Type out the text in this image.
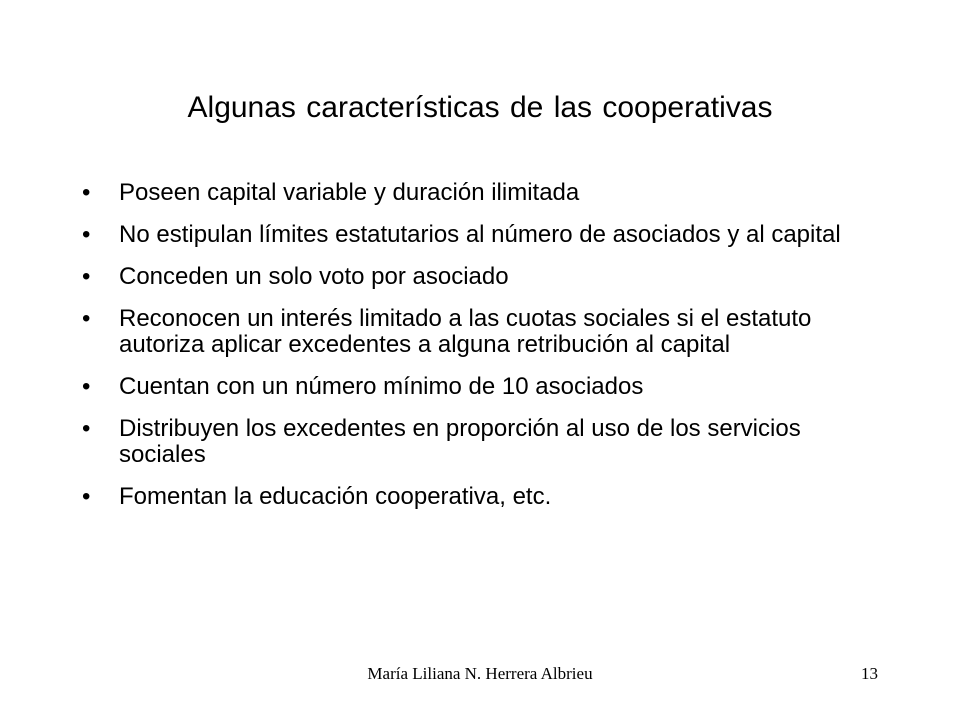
Algunas características de las cooperativas
•	Poseen capital variable y duración ilimitada
•	No estipulan límites estatutarios al número de asociados y al capital
•	Conceden un solo voto por asociado
•	Reconocen un interés limitado a las cuotas sociales si el estatuto autoriza aplicar excedentes a alguna retribución al capital
•	Cuentan con un número mínimo de 10 asociados
•	Distribuyen los excedentes en proporción al uso de los servicios sociales
•	Fomentan la educación cooperativa, etc.
María Liliana N. Herrera Albrieu	13
